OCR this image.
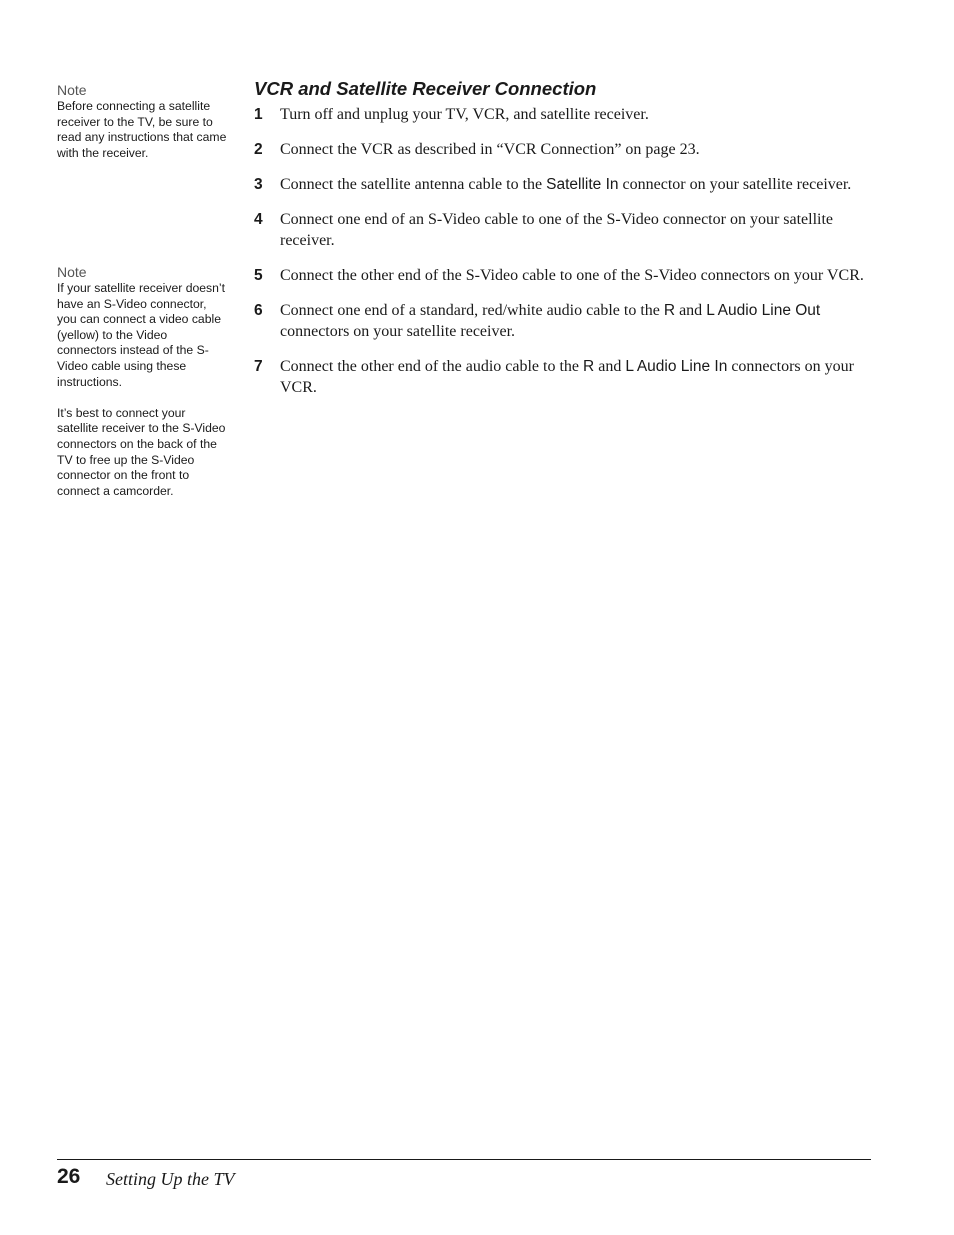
Note

Before connecting a satellite receiver to the TV, be sure to read any instructions that came with the receiver.

Note

If your satellite receiver doesn’t have an S-Video connector, you can connect a video cable (yellow) to the Video connectors instead of the S-Video cable using these instructions.

It’s best to connect your satellite receiver to the S-Video connectors on the back of the TV to free up the S-Video connector on the front to connect a camcorder.

VCR and Satellite Receiver Connection
1 Turn off and unplug your TV, VCR, and satellite receiver.
2 Connect the VCR as described in “VCR Connection” on page 23.
3 Connect the satellite antenna cable to the Satellite In connector on your satellite receiver.
4 Connect one end of an S-Video cable to one of the S-Video connector on your satellite receiver.
5 Connect the other end of the S-Video cable to one of the S-Video connectors on your VCR.
6 Connect one end of a standard, red/white audio cable to the R and L Audio Line Out connectors on your satellite receiver.
7 Connect the other end of the audio cable to the R and L Audio Line In connectors on your VCR.
26 Setting Up the TV
